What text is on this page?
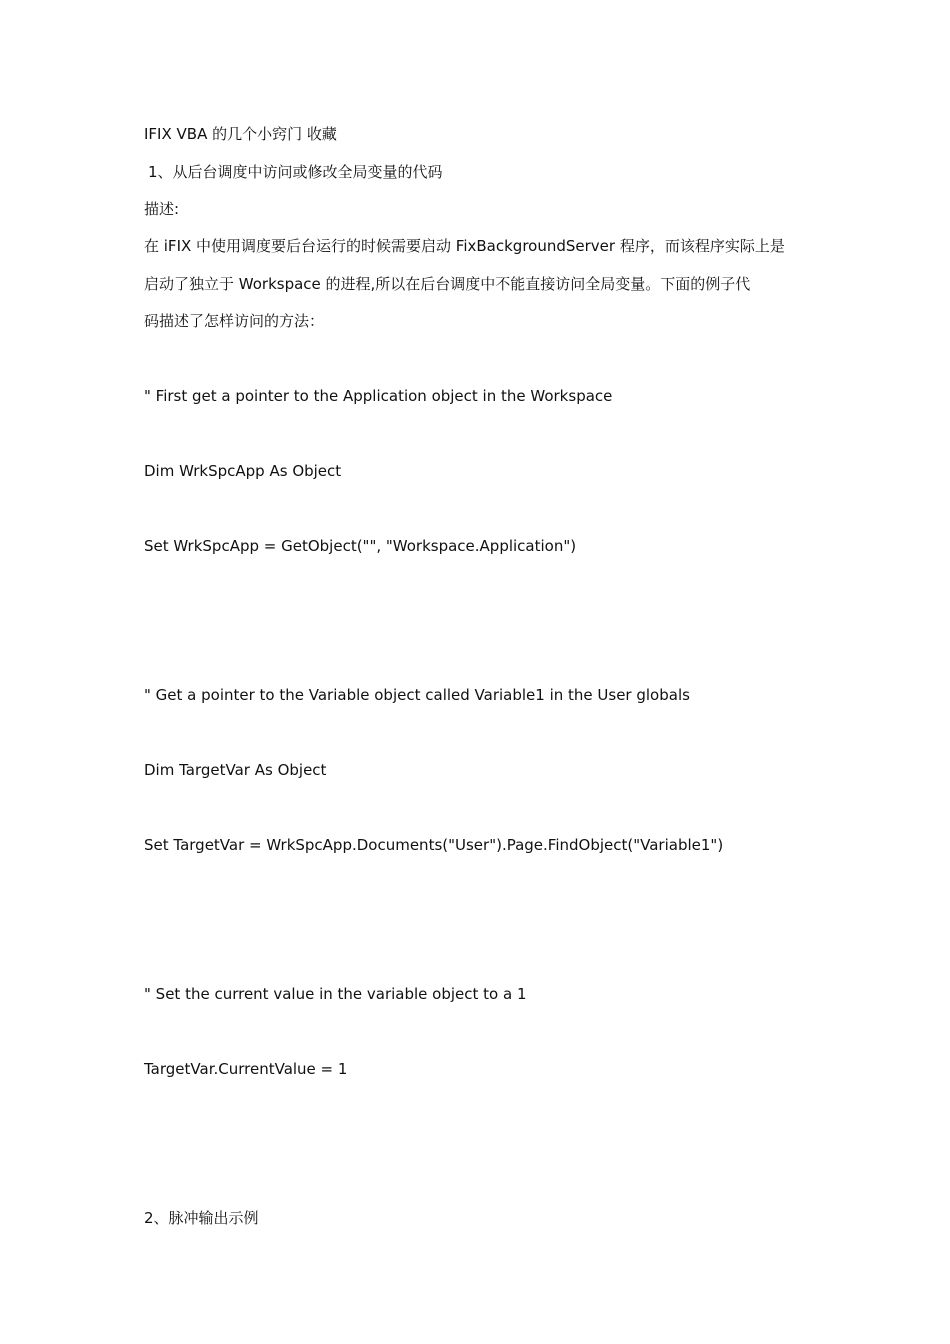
IFIX VBA 的几个小窍门 收藏
1、从后台调度中访问或修改全局变量的代码
描述:
在 iFIX 中使用调度要后台运行的时候需要启动 FixBackgroundServer 程序，而该程序实际上是
启动了独立于 Workspace 的进程,所以在后台调度中不能直接访问全局变量。下面的例子代
码描述了怎样访问的方法：
" First get a pointer to the Application object in the Workspace
Dim WrkSpcApp As Object
Set WrkSpcApp = GetObject("", "Workspace.Application")
" Get a pointer to the Variable object called Variable1 in the User globals
Dim TargetVar As Object
Set TargetVar = WrkSpcApp.Documents("User").Page.FindObject("Variable1")
" Set the current value in the variable object to a 1
TargetVar.CurrentValue = 1
2、脉冲输出示例
